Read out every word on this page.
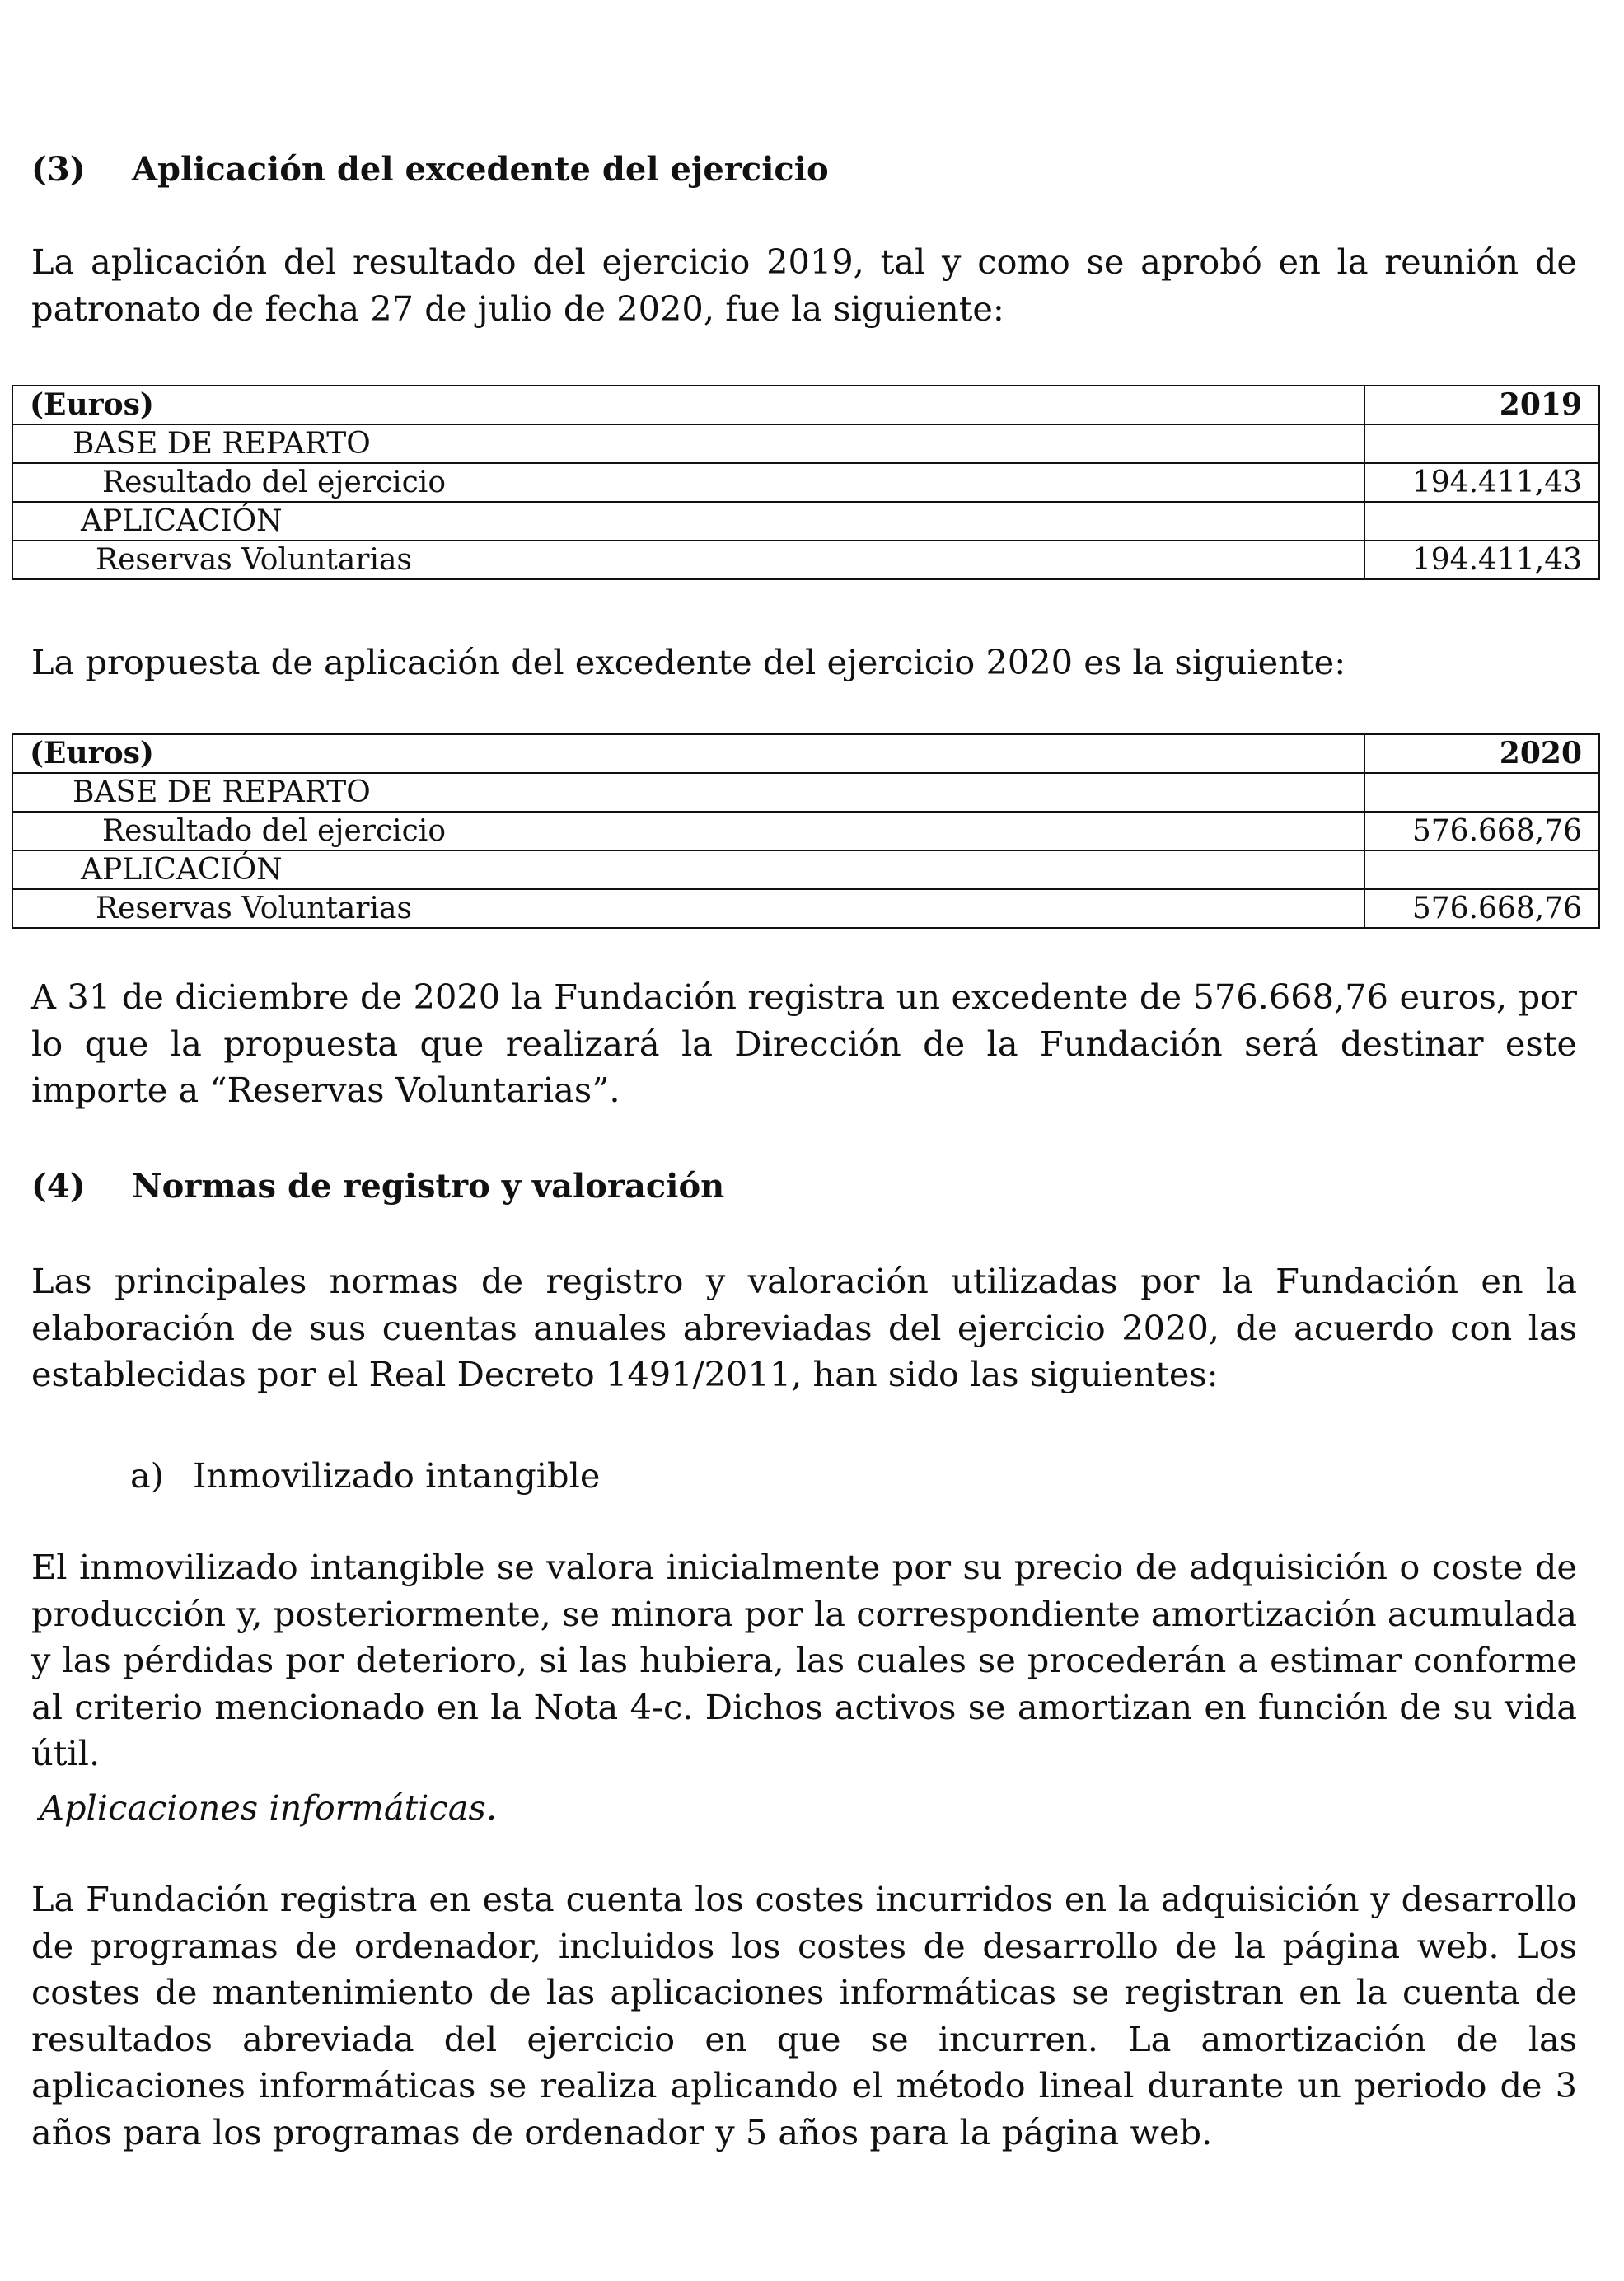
(3) Aplicación del excedente del ejercicio

La aplicación del resultado del ejercicio 2019, tal y como se aprobó en la reunión de patronato de fecha 27 de julio de 2020, fue la siguiente:

(Euros)	2019
BASE DE REPARTO	
Resultado del ejercicio	194.411,43
APLICACIÓN	
Reservas Voluntarias	194.411,43

La propuesta de aplicación del excedente del ejercicio 2020 es la siguiente:

(Euros)	2020
BASE DE REPARTO	
Resultado del ejercicio	576.668,76
APLICACIÓN	
Reservas Voluntarias	576.668,76

A 31 de diciembre de 2020 la Fundación registra un excedente de 576.668,76 euros, por lo que la propuesta que realizará la Dirección de la Fundación será destinar este importe a “Reservas Voluntarias”.

(4) Normas de registro y valoración

Las principales normas de registro y valoración utilizadas por la Fundación en la elaboración de sus cuentas anuales abreviadas del ejercicio 2020, de acuerdo con las establecidas por el Real Decreto 1491/2011, han sido las siguientes:

a) Inmovilizado intangible

El inmovilizado intangible se valora inicialmente por su precio de adquisición o coste de producción y, posteriormente, se minora por la correspondiente amortización acumulada y las pérdidas por deterioro, si las hubiera, las cuales se procederán a estimar conforme al criterio mencionado en la Nota 4-c. Dichos activos se amortizan en función de su vida útil.

Aplicaciones informáticas.

La Fundación registra en esta cuenta los costes incurridos en la adquisición y desarrollo de programas de ordenador, incluidos los costes de desarrollo de la página web. Los costes de mantenimiento de las aplicaciones informáticas se registran en la cuenta de resultados abreviada del ejercicio en que se incurren. La amortización de las aplicaciones informáticas se realiza aplicando el método lineal durante un periodo de 3 años para los programas de ordenador y 5 años para la página web.
